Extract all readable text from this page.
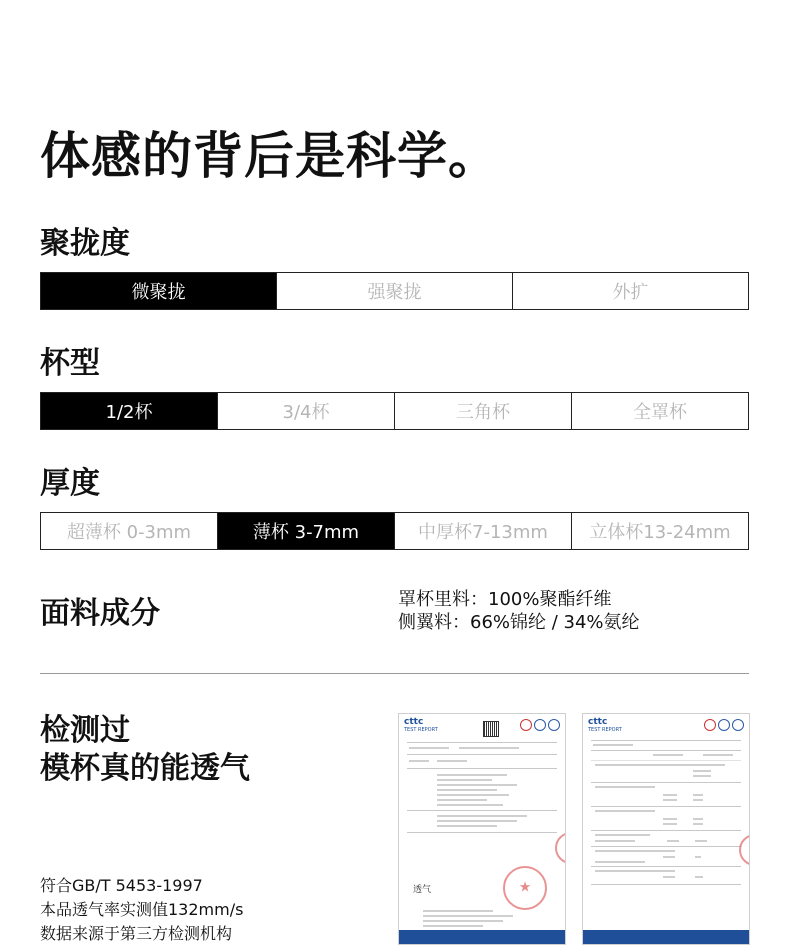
体感的背后是科学。
聚拢度
微聚拢	强聚拢	外扩
杯型
1/2杯	3/4杯	三角杯	全罩杯
厚度
超薄杯 0-3mm	薄杯 3-7mm	中厚杯7-13mm	立体杯13-24mm
面料成分	罩杯里料：100%聚酯纤维
侧翼料：66%锦纶 / 34%氨纶
检测过
模杯真的能透气
符合GB/T 5453-1997
本品透气率实测值132mm/s
数据来源于第三方检测机构
cttc
TEST REPORT
透气
★
★
cttc
TEST REPORT
★
